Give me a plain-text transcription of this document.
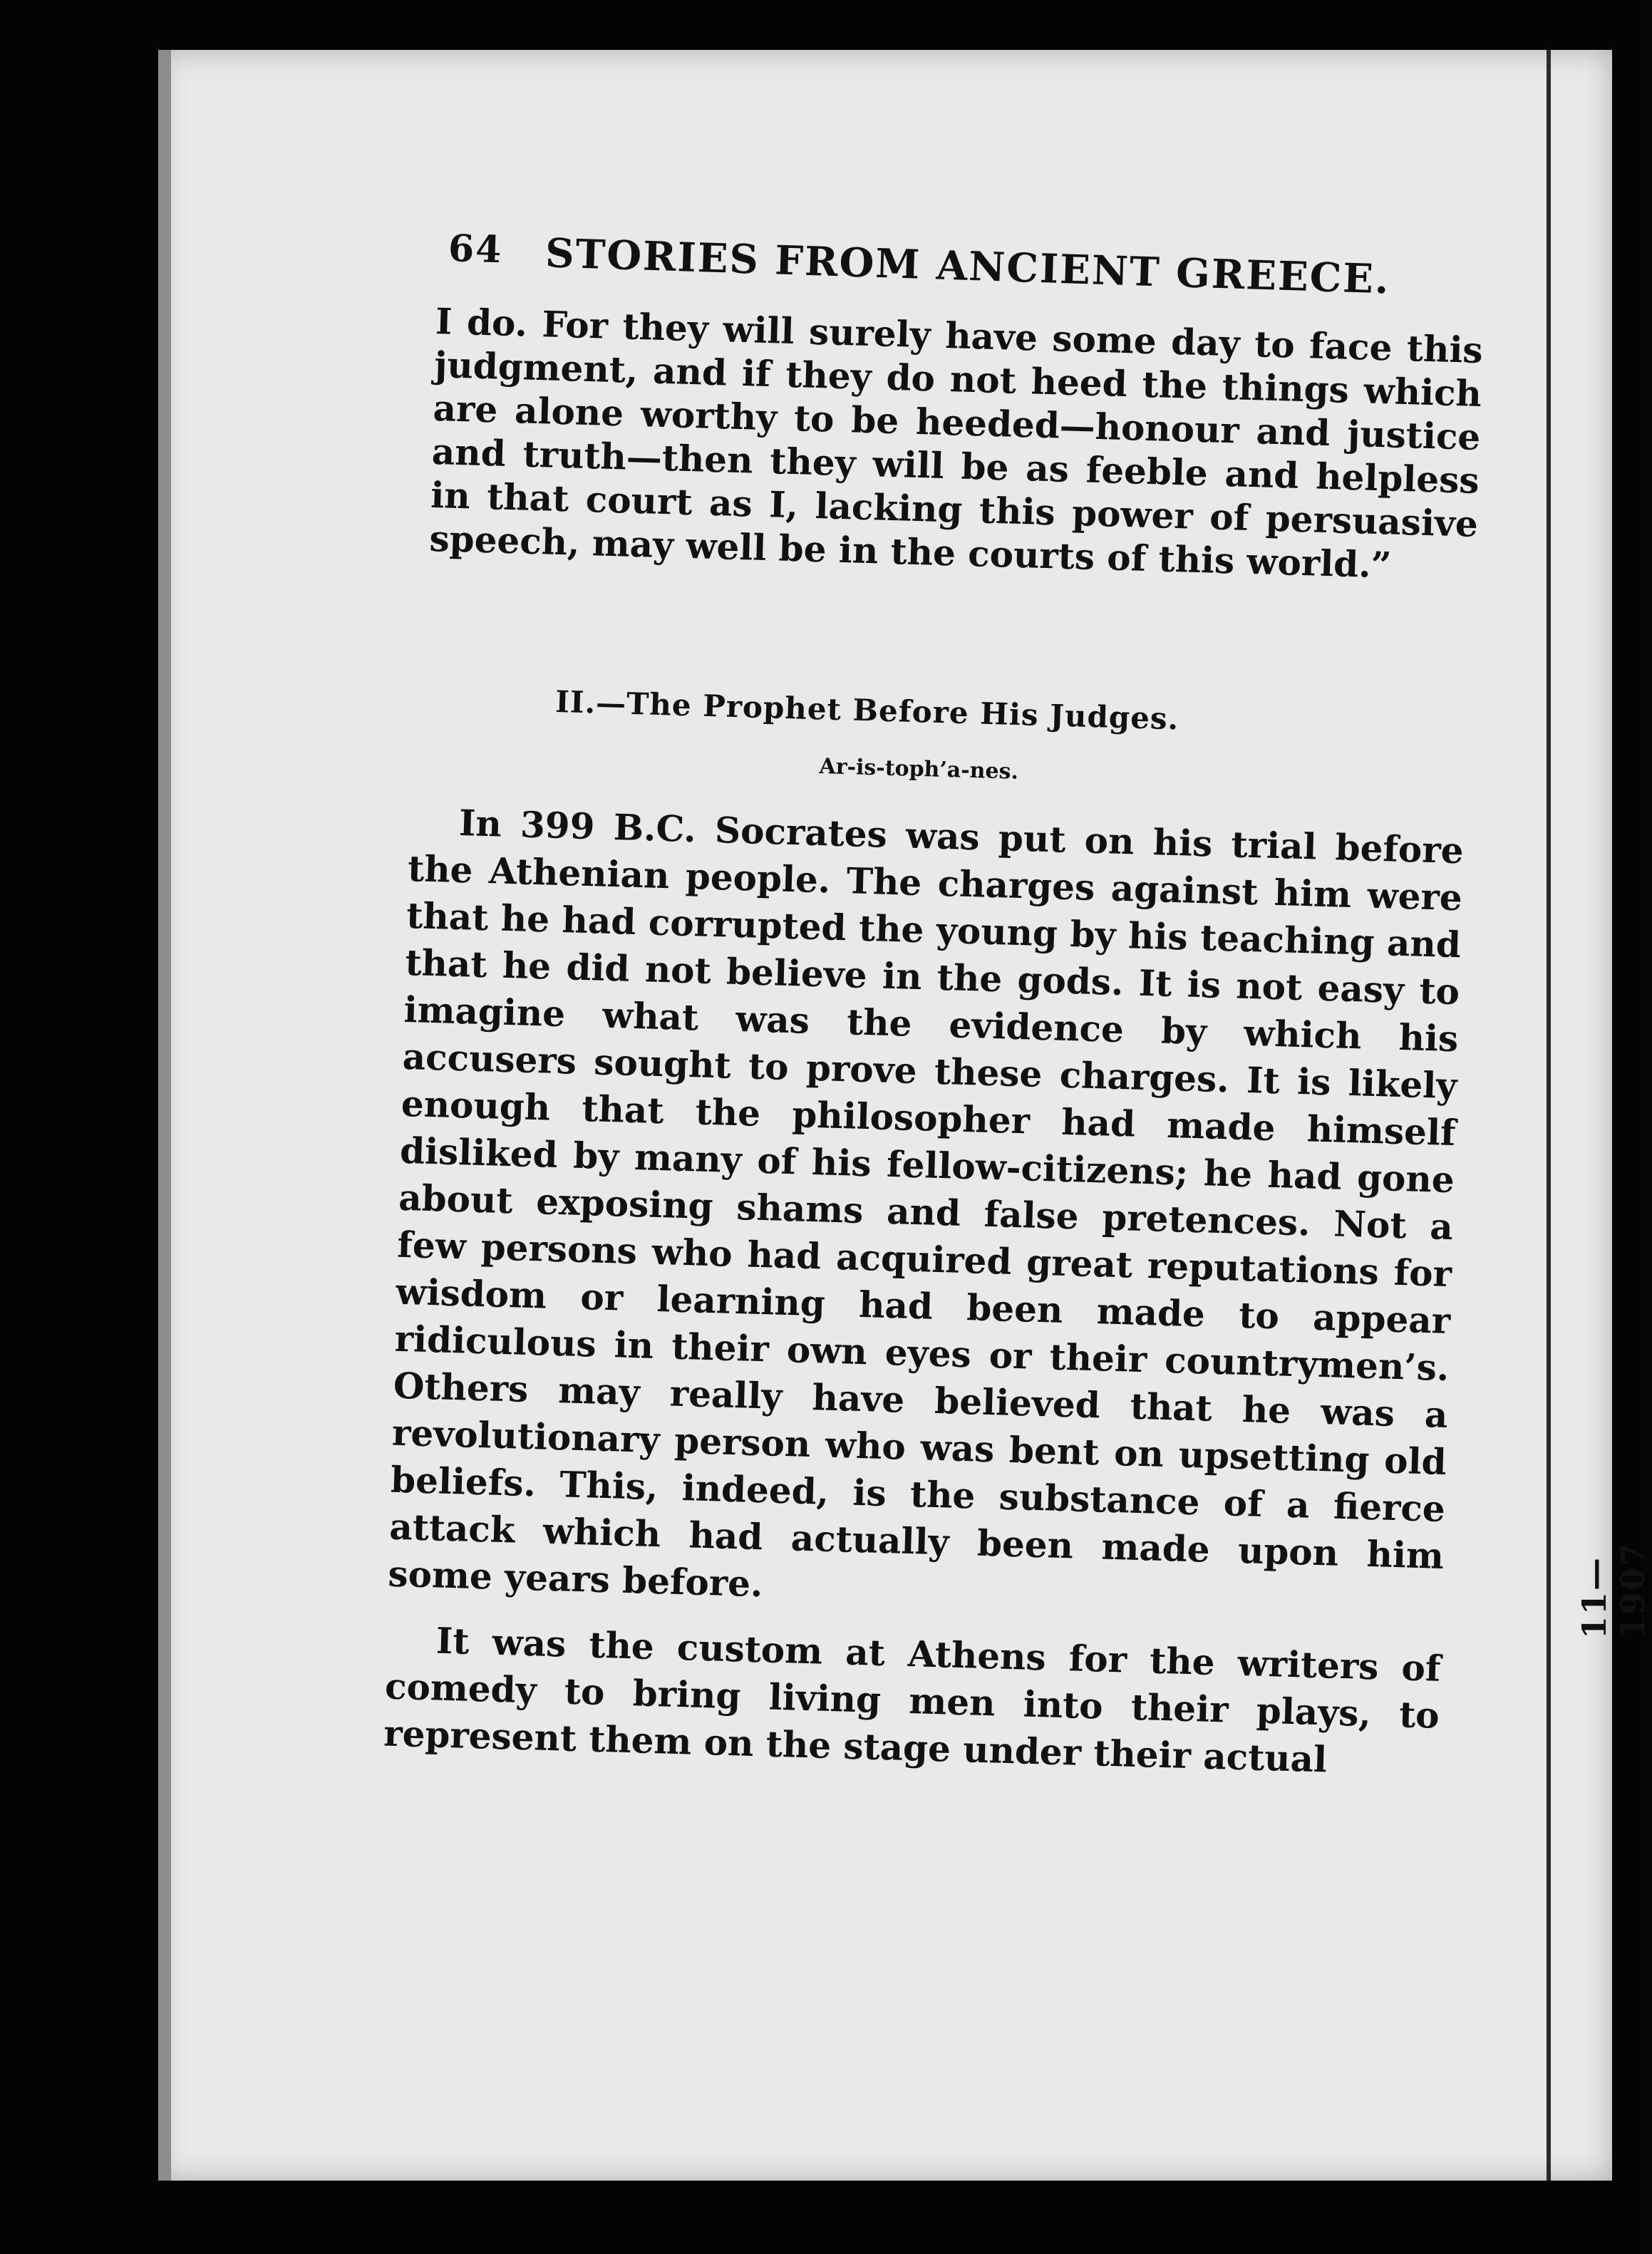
64 STORIES FROM ANCIENT GREECE.

I do. For they will surely have some day to face this judgment, and if they do not heed the things which are alone worthy to be heeded—honour and justice and truth—then they will be as feeble and helpless in that court as I, lacking this power of persuasive speech, may well be in the courts of this world.”

II.—The Prophet Before His Judges.
Ar-is-toph’a-nes.

In 399 B.C. Socrates was put on his trial before the Athenian people. The charges against him were that he had corrupted the young by his teaching and that he did not believe in the gods. It is not easy to imagine what was the evidence by which his accusers sought to prove these charges. It is likely enough that the philosopher had made himself disliked by many of his fellow-citizens; he had gone about exposing shams and false pretences. Not a few persons who had acquired great reputations for wisdom or learning had been made to appear ridiculous in their own eyes or their countrymen’s. Others may really have believed that he was a revolutionary person who was bent on upsetting old beliefs. This, indeed, is the substance of a fierce attack which had actually been made upon him some years before.

It was the custom at Athens for the writers of comedy to bring living men into their plays, to represent them on the stage under their actual

11—1907
